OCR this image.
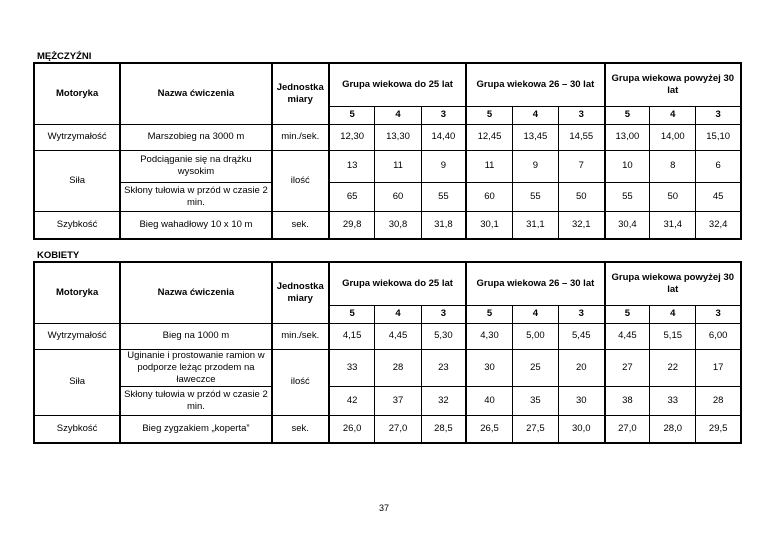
MĘŻCZYŹNI
Motoryka	Nazwa ćwiczenia	Jednostka miary	Grupa wiekowa do 25 lat			Grupa wiekowa 26 – 30 lat			Grupa wiekowa powyżej 30 lat		
			5	4	3	5	4	3	5	4	3
Wytrzymałość	Marszobieg na 3000 m	min./sek.	12,30	13,30	14,40	12,45	13,45	14,55	13,00	14,00	15,10
Siła	Podciąganie się na drążku wysokim	ilość	13	11	9	11	9	7	10	8	6
	Skłony tułowia w przód w czasie 2 min.		65	60	55	60	55	50	55	50	45
Szybkość	Bieg wahadłowy 10 x 10 m	sek.	29,8	30,8	31,8	30,1	31,1	32,1	30,4	31,4	32,4
KOBIETY
Motoryka	Nazwa ćwiczenia	Jednostka miary	Grupa wiekowa do 25 lat			Grupa wiekowa 26 – 30 lat			Grupa wiekowa powyżej 30 lat		
			5	4	3	5	4	3	5	4	3
Wytrzymałość	Bieg na 1000 m	min./sek.	4,15	4,45	5,30	4,30	5,00	5,45	4,45	5,15	6,00
Siła	Uginanie i prostowanie ramion w podporze leżąc przodem na ławeczce	ilość	33	28	23	30	25	20	27	22	17
	Skłony tułowia w przód w czasie 2 min.		42	37	32	40	35	30	38	33	28
Szybkość	Bieg zygzakiem „koperta”	sek.	26,0	27,0	28,5	26,5	27,5	30,0	27,0	28,0	29,5
37
